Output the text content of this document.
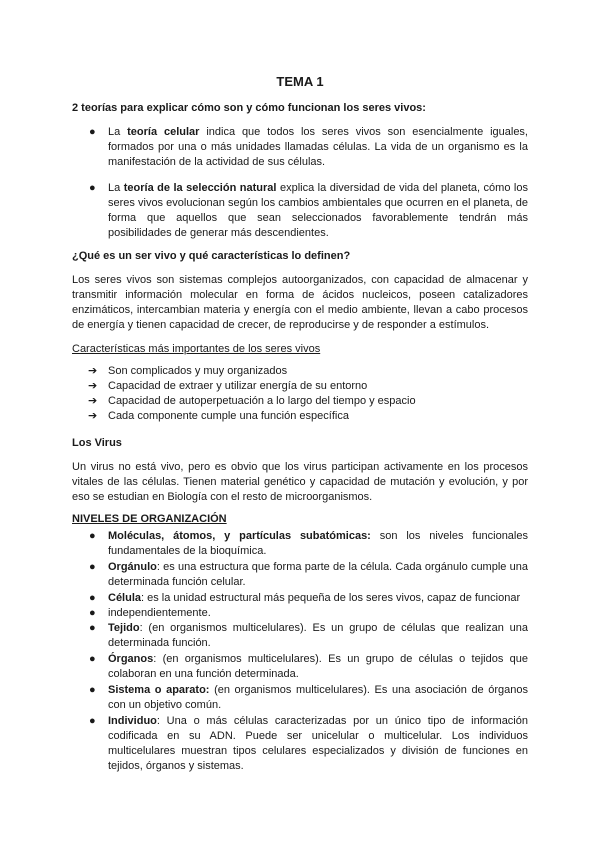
TEMA 1
2 teorías para explicar cómo son y cómo funcionan los seres vivos:
● La teoría celular indica que todos los seres vivos son esencialmente iguales, formados por una o más unidades llamadas células. La vida de un organismo es la manifestación de la actividad de sus células.
● La teoría de la selección natural explica la diversidad de vida del planeta, cómo los seres vivos evolucionan según los cambios ambientales que ocurren en el planeta, de forma que aquellos que sean seleccionados favorablemente tendrán más posibilidades de generar más descendientes.
¿Qué es un ser vivo y qué características lo definen?

Los seres vivos son sistemas complejos autoorganizados, con capacidad de almacenar y transmitir información molecular en forma de ácidos nucleicos, poseen catalizadores enzimáticos, intercambian materia y energía con el medio ambiente, llevan a cabo procesos de energía y tienen capacidad de crecer, de reproducirse y de responder a estímulos.

Características más importantes de los seres vivos

➔ Son complicados y muy organizados
➔ Capacidad de extraer y utilizar energía de su entorno
➔ Capacidad de autoperpetuación a lo largo del tiempo y espacio
➔ Cada componente cumple una función específica
Los Virus

Un virus no está vivo, pero es obvio que los virus participan activamente en los procesos vitales de las células. Tienen material genético y capacidad de mutación y evolución, y por eso se estudian en Biología con el resto de microorganismos.

NIVELES DE ORGANIZACIÓN
● Moléculas, átomos, y partículas subatómicas: son los niveles funcionales fundamentales de la bioquímica.
● Orgánulo: es una estructura que forma parte de la célula. Cada orgánulo cumple una determinada función celular.
● Célula: es la unidad estructural más pequeña de los seres vivos, capaz de funcionar
● independientemente.
● Tejido: (en organismos multicelulares). Es un grupo de células que realizan una determinada función.
● Órganos: (en organismos multicelulares). Es un grupo de células o tejidos que colaboran en una función determinada.
● Sistema o aparato: (en organismos multicelulares). Es una asociación de órganos con un objetivo común.
● Individuo: Una o más células caracterizadas por un único tipo de información codificada en su ADN. Puede ser unicelular o multicelular. Los individuos multicelulares muestran tipos celulares especializados y división de funciones en tejidos, órganos y sistemas.
